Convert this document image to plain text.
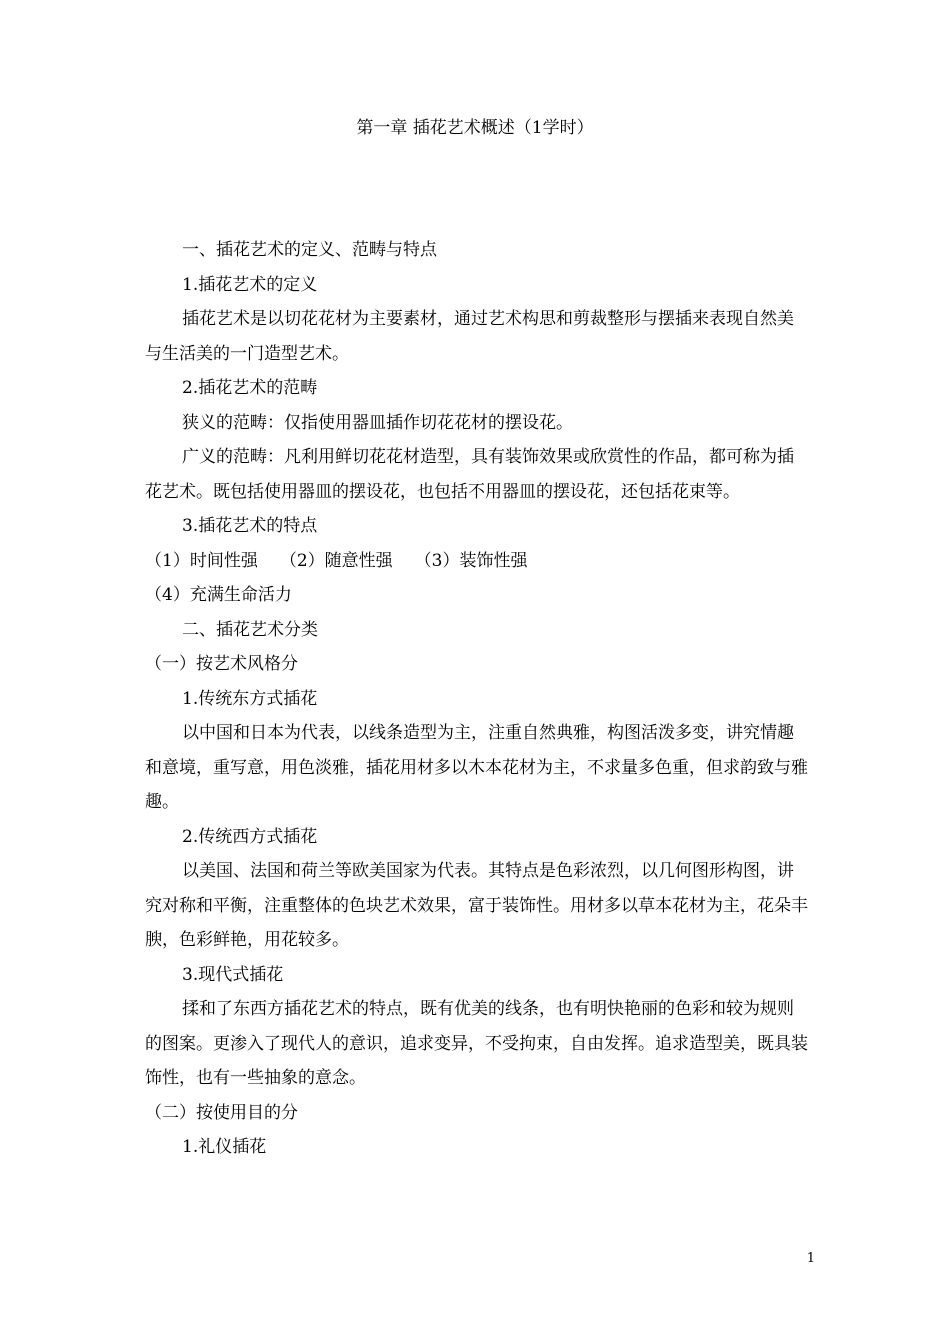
第一章 插花艺术概述（1学时）

一、插花艺术的定义、范畴与特点

1.插花艺术的定义

插花艺术是以切花花材为主要素材，通过艺术构思和剪裁整形与摆插来表现自然美与生活美的一门造型艺术。

2.插花艺术的范畴

狭义的范畴：仅指使用器皿插作切花花材的摆设花。

广义的范畴：凡利用鲜切花花材造型，具有装饰效果或欣赏性的作品，都可称为插花艺术。既包括使用器皿的摆设花，也包括不用器皿的摆设花，还包括花束等。

3.插花艺术的特点

（1）时间性强 （2）随意性强 （3）装饰性强

（4）充满生命活力

二、插花艺术分类

（一）按艺术风格分

1.传统东方式插花

以中国和日本为代表，以线条造型为主，注重自然典雅，构图活泼多变，讲究情趣和意境，重写意，用色淡雅，插花用材多以木本花材为主，不求量多色重，但求韵致与雅趣。

2.传统西方式插花

以美国、法国和荷兰等欧美国家为代表。其特点是色彩浓烈，以几何图形构图，讲究对称和平衡，注重整体的色块艺术效果，富于装饰性。用材多以草本花材为主，花朵丰腴，色彩鲜艳，用花较多。

3.现代式插花

揉和了东西方插花艺术的特点，既有优美的线条，也有明快艳丽的色彩和较为规则的图案。更渗入了现代人的意识，追求变异，不受拘束，自由发挥。追求造型美，既具装饰性，也有一些抽象的意念。

（二）按使用目的分

1.礼仪插花

1
